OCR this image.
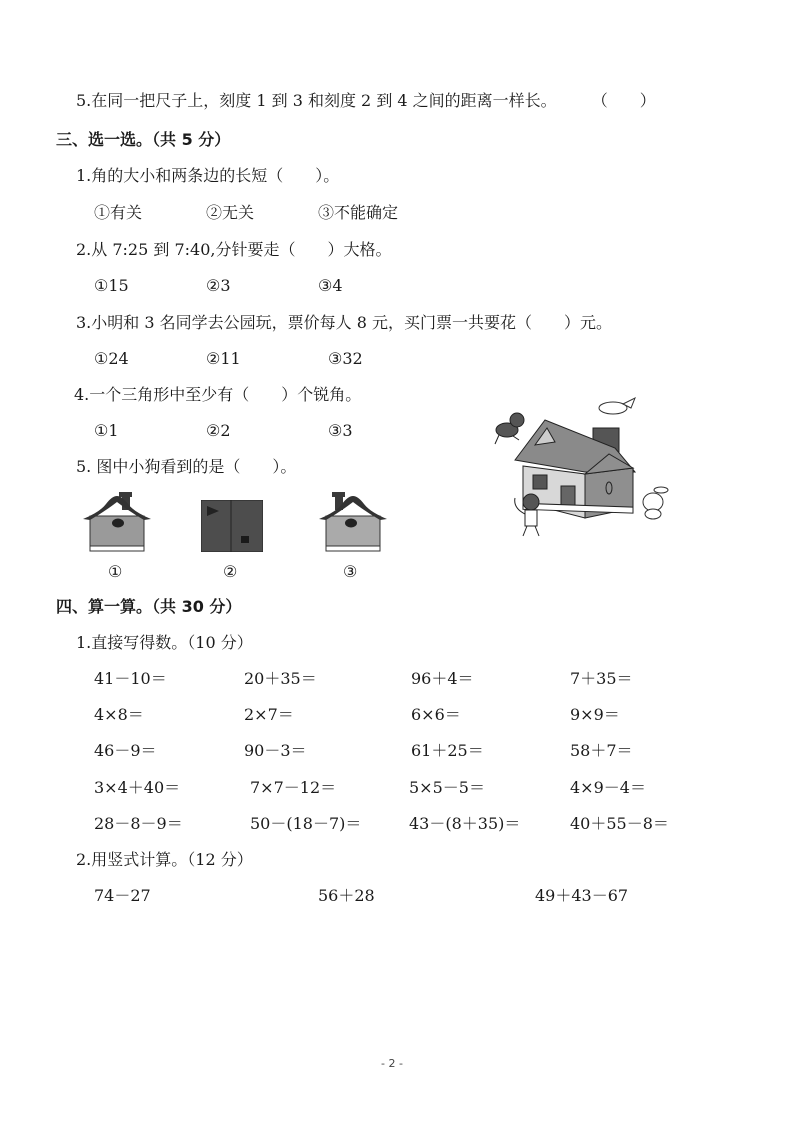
5.在同一把尺子上，刻度 1 到 3 和刻度 2 到 4 之间的距离一样长。 （　　）
三、选一选。（共 5 分）
1.角的大小和两条边的长短（　　）。
①有关	②无关	③不能确定
2.从 7:25 到 7:40,分针要走（　　）大格。
①15	②3	③4
3.小明和 3 名同学去公园玩，票价每人 8 元，买门票一共要花（　　）元。
①24	②11	③32
4.一个三角形中至少有（　　）个锐角。
①1	②2	③3
5. 图中小狗看到的是（　　）。
①	②	③
四、算一算。（共 30 分）
1.直接写得数。（10 分）
41－10＝	20＋35＝	96＋4＝	7＋35＝
4×8＝	2×7＝	6×6＝	9×9＝
46－9＝	90－3＝	61＋25＝	58＋7＝
3×4＋40＝	7×7－12＝	5×5－5＝	4×9－4＝
28－8－9＝	50－(18－7)＝	43－(8＋35)＝	40＋55－8＝
2.用竖式计算。（12 分）
74－27	56＋28	49＋43－67
- 2 -
